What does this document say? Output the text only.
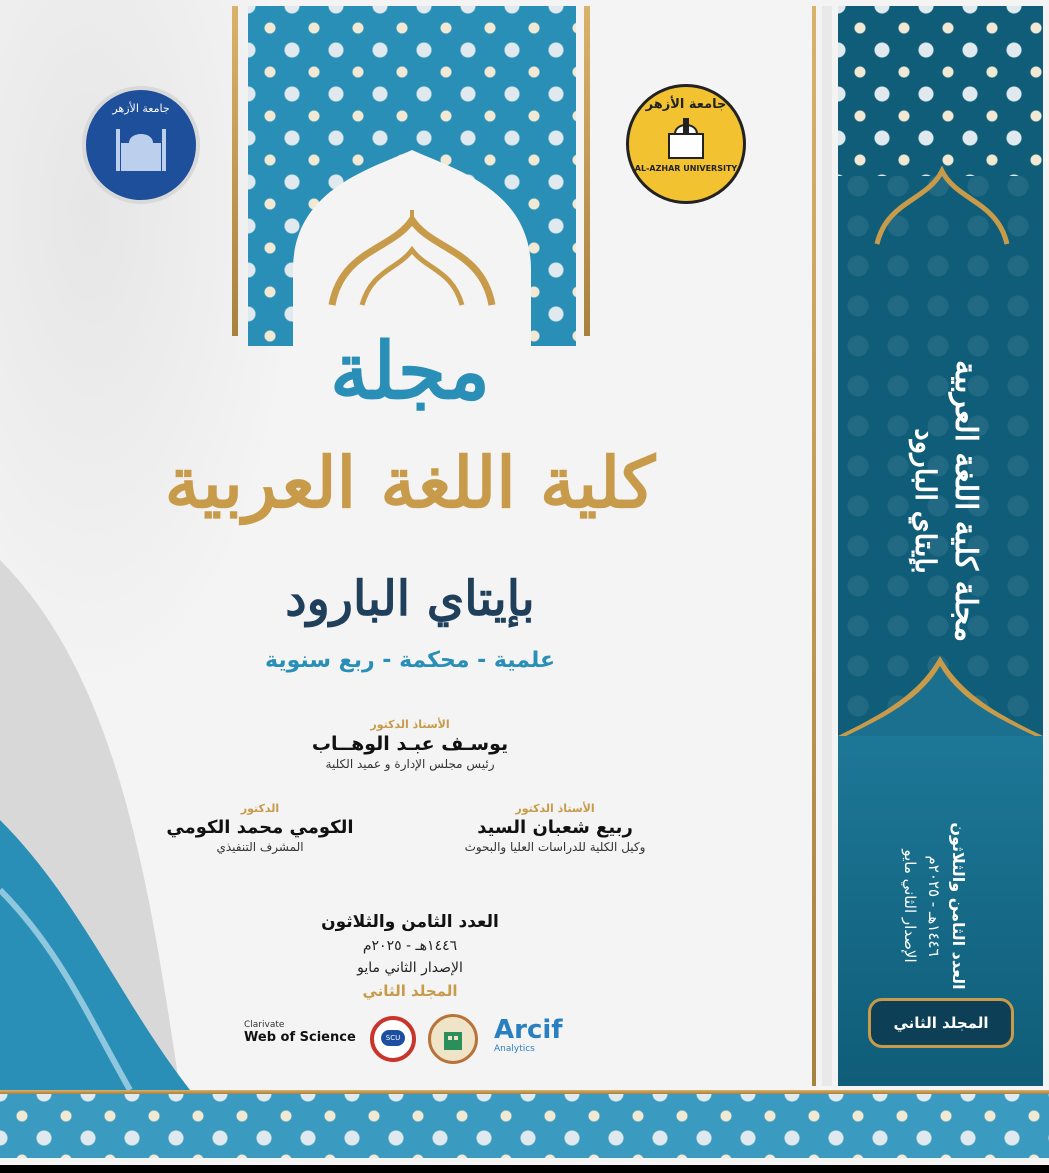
جامعة الأزهر	جامعة الأزهر
AL-AZHAR UNIVERSITY
مجلة
كلية اللغة العربية
بإيتاي البارود
علمية - محكمة - ربع سنوية
الأستاذ الدكتور
يوسـف عبـد الوهــاب
رئيس مجلس الإدارة و عميد الكلية
الدكتور
الكومي محمد الكومي
المشرف التنفيذي
الأستاذ الدكتور
ربيع شعبان السيد
وكيل الكلية للدراسات العليا والبحوث
العدد الثامن والثلاثون
١٤٤٦هـ - ٢٠٢٥م
الإصدار الثاني مايو
المجلد الثاني
Clarivate
Web of Science	SCU	Arcif
Analytics
مجلة كلية اللغة العربية
بإيتاي البارود
العدد الثامن والثلاثون
١٤٤٦هـ - ٢٠٢٥م
الإصدار الثاني مايو
المجلد الثاني
